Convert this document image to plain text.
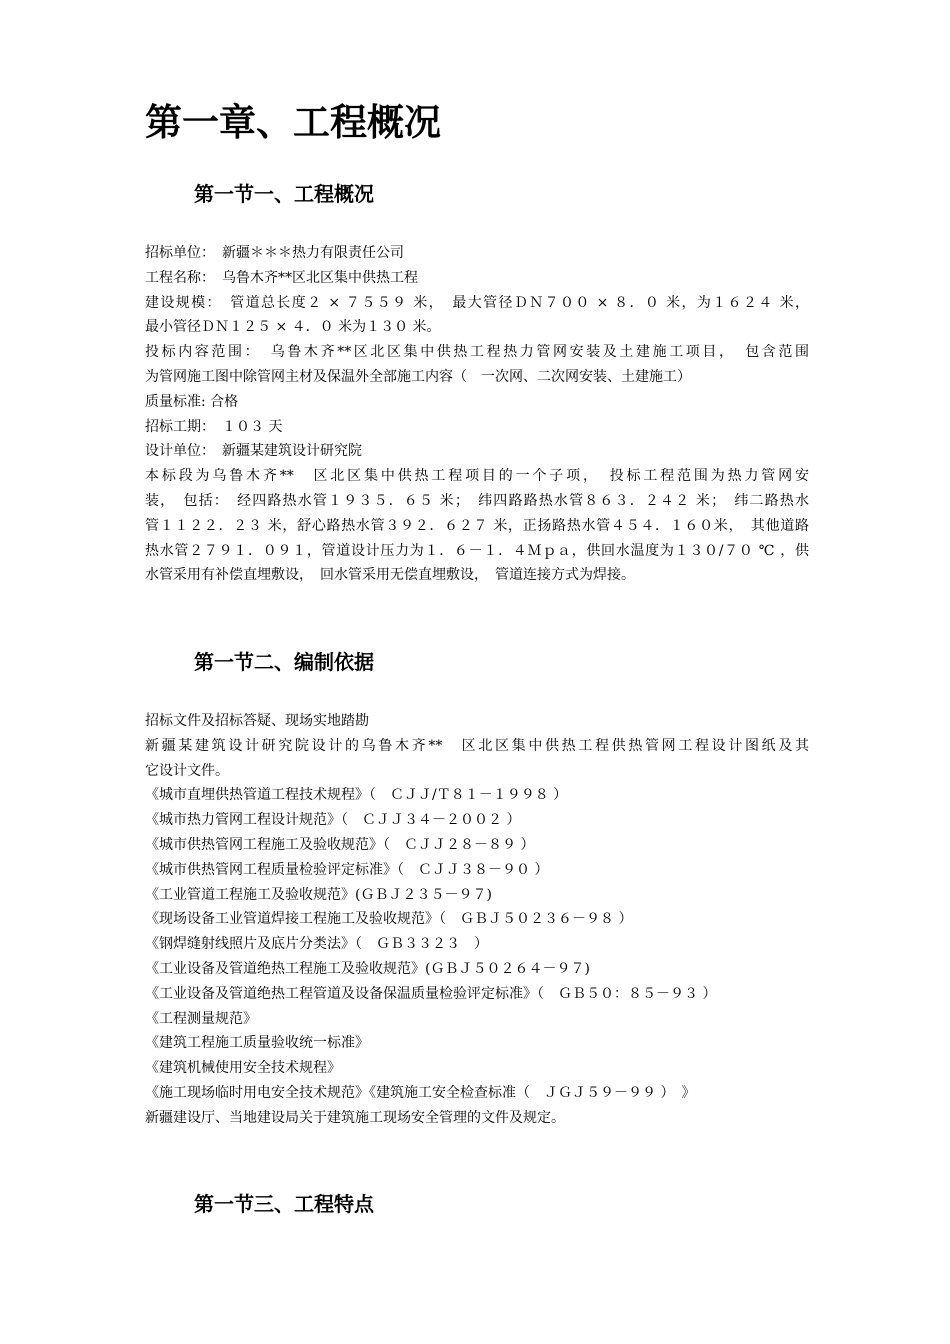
第一章、工程概况
第一节一、工程概况
招标单位：　新疆＊＊＊热力有限责任公司
工程名称：　乌鲁木齐**区北区集中供热工程
建设规模：　管道总长度２ × ７５５９ 米，　最大管径ＤＮ７００ × ８．０ 米，为１６２４ 米，
最小管径ＤＮ１２５ × ４．０ 米为１３０ 米。
投标内容范围：　乌鲁木齐**区北区集中供热工程热力管网安装及土建施工项目，　包含范围
为管网施工图中除管网主材及保温外全部施工内容（　一次网、二次网安装、土建施工）
质量标准: 合格
招标工期：　１０３ 天
设计单位：　新疆某建筑设计研究院
本标段为乌鲁木齐**　区北区集中供热工程项目的一个子项，　投标工程范围为热力管网安
装，　包括：　经四路热水管１９３５．６５ 米；　纬四路路热水管８６３．２４２ 米；　纬二路热水
管１１２２．２３ 米，舒心路热水管３９２．６２７ 米，正扬路热水管４５４．１６０米，　其他道路
热水管２７９１．０９１，管道设计压力为１．６－１．４Ｍｐａ，供回水温度为１３０/７０ ℃ ，供
水管采用有补偿直埋敷设，　回水管采用无偿直埋敷设，　管道连接方式为焊接。
第一节二、编制依据
招标文件及招标答疑、现场实地踏勘
新疆某建筑设计研究院设计的乌鲁木齐**　区北区集中供热工程供热管网工程设计图纸及其
它设计文件。
《城市直埋供热管道工程技术规程》（　ＣＪＪ/Ｔ８１－１９９８ ）
《城市热力管网工程设计规范》（　ＣＪＪ３４－２００２ ）
《城市供热管网工程施工及验收规范》（　ＣＪＪ２８－８９ ）
《城市供热管网工程质量检验评定标准》（　ＣＪＪ３８－９０ ）
《工业管道工程施工及验收规范》(ＧＢＪ２３５－９７)
《现场设备工业管道焊接工程施工及验收规范》（　ＧＢＪ５０２３６－９８ ）
《钢焊缝射线照片及底片分类法》（　ＧＢ３３２３　）
《工业设备及管道绝热工程施工及验收规范》(ＧＢＪ５０２６４－９７)
《工业设备及管道绝热工程管道及设备保温质量检验评定标准》（　ＧＢ５０：８５－９３ ）
《工程测量规范》
《建筑工程施工质量验收统一标准》
《建筑机械使用安全技术规程》
《施工现场临时用电安全技术规范》《建筑施工安全检查标准（　ＪＧＪ５９－９９ ）　》
新疆建设厅、当地建设局关于建筑施工现场安全管理的文件及规定。
第一节三、工程特点
